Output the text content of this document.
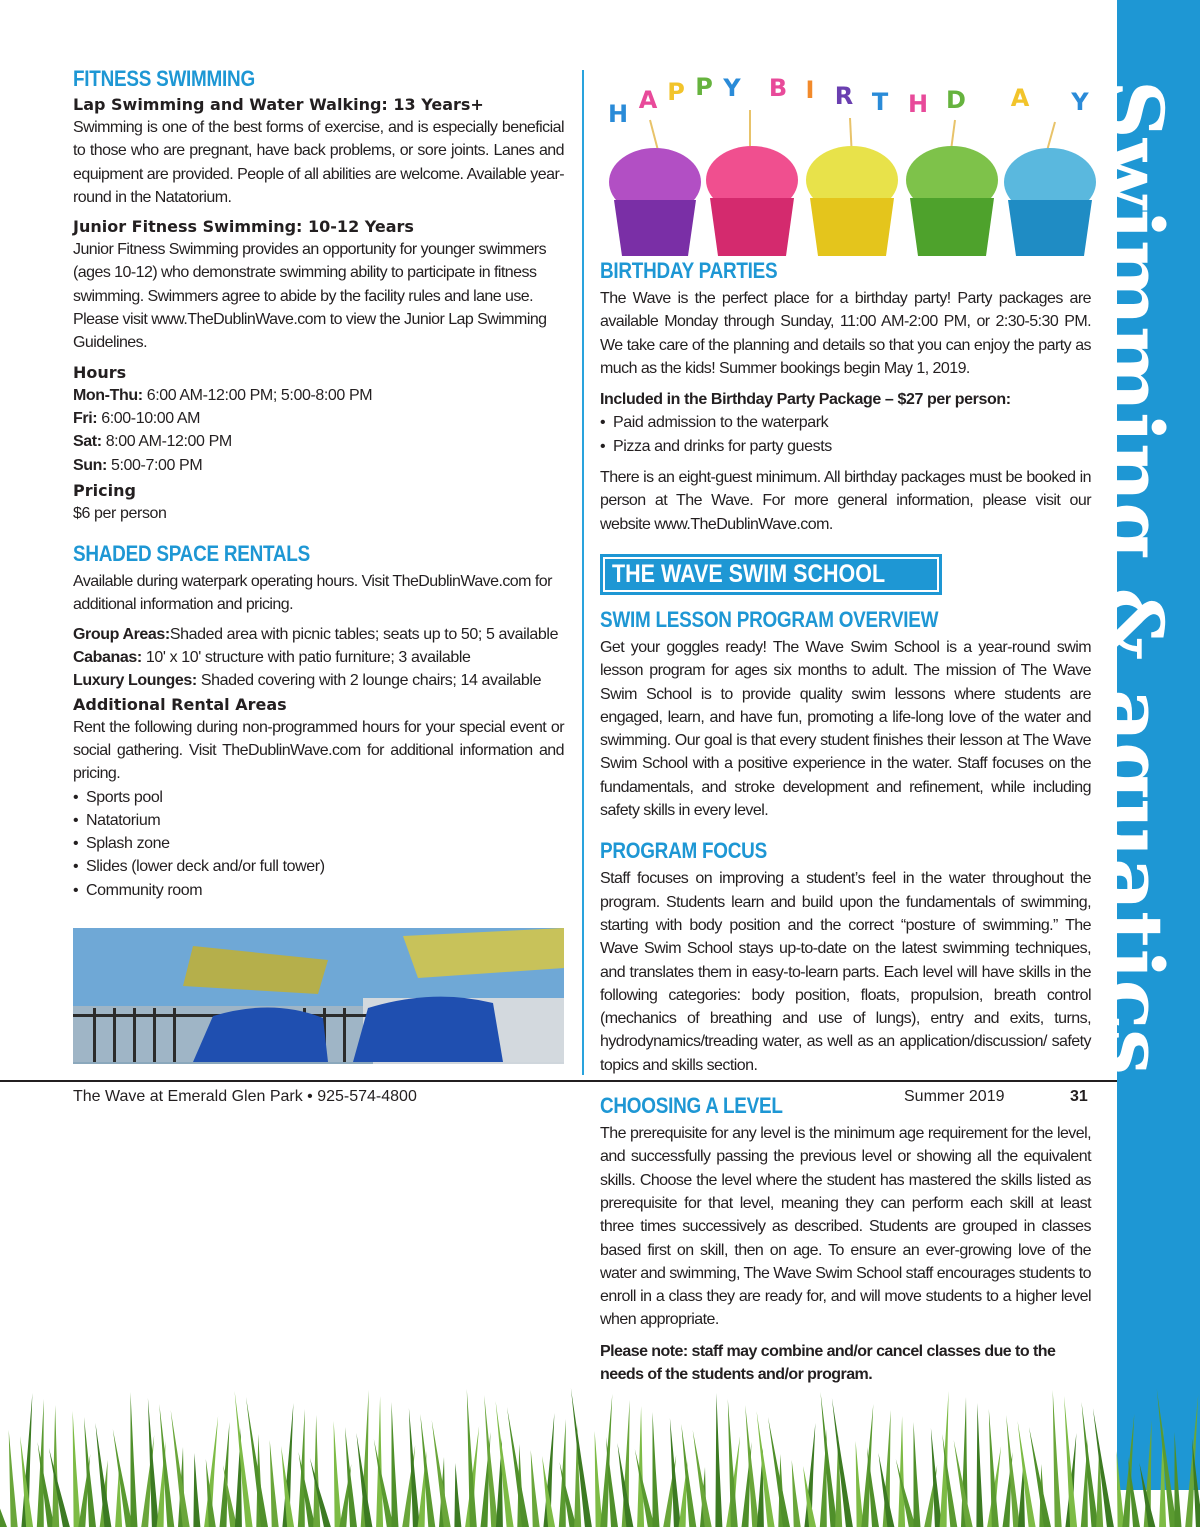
Swimming & aquatics
FITNESS SWIMMING
Lap Swimming and Water Walking: 13 Years+

Swimming is one of the best forms of exercise, and is especially beneficial to those who are pregnant, have back problems, or sore joints. Lanes and equipment are provided. People of all abilities are welcome. Available year-round in the Natatorium.

Junior Fitness Swimming: 10-12 Years

Junior Fitness Swimming provides an opportunity for younger swimmers (ages 10-12) who demonstrate swimming ability to participate in fitness swimming. Swimmers agree to abide by the facility rules and lane use. Please visit www.TheDublinWave.com to view the Junior Lap Swimming Guidelines.

Hours
Mon-Thu: 6:00 AM-12:00 PM; 5:00-8:00 PM
Fri: 6:00-10:00 AM
Sat: 8:00 AM-12:00 PM
Sun: 5:00-7:00 PM
Pricing
$6 per person
SHADED SPACE RENTALS

Available during waterpark operating hours. Visit TheDublinWave.com for additional information and pricing.

Group Areas:Shaded area with picnic tables; seats up to 50; 5 available
Cabanas: 10' x 10' structure with patio furniture; 3 available
Luxury Lounges: Shaded covering with 2 lounge chairs; 14 available
Additional Rental Areas

Rent the following during non-programmed hours for your special event or social gathering. Visit TheDublinWave.com for additional information and pricing.

• Sports pool
• Natatorium
• Splash zone
• Slides (lower deck and/or full tower)
• Community room
H A P P Y B I R T H D A Y
BIRTHDAY PARTIES

The Wave is the perfect place for a birthday party! Party packages are available Monday through Sunday, 11:00 AM-2:00 PM, or 2:30-5:30 PM. We take care of the planning and details so that you can enjoy the party as much as the kids! Summer bookings begin May 1, 2019.

Included in the Birthday Party Package – $27 per person:
• Paid admission to the waterpark
• Pizza and drinks for party guests

There is an eight-guest minimum. All birthday packages must be booked in person at The Wave. For more general information, please visit our website www.TheDublinWave.com.

THE WAVE SWIM SCHOOL
SWIM LESSON PROGRAM OVERVIEW

Get your goggles ready! The Wave Swim School is a year-round swim lesson program for ages six months to adult. The mission of The Wave Swim School is to provide quality swim lessons where students are engaged, learn, and have fun, promoting a life-long love of the water and swimming. Our goal is that every student finishes their lesson at The Wave Swim School with a positive experience in the water. Staff focuses on the fundamentals, and stroke development and refinement, while including safety skills in every level.

PROGRAM FOCUS

Staff focuses on improving a student’s feel in the water throughout the program. Students learn and build upon the fundamentals of swimming, starting with body position and the correct “posture of swimming.” The Wave Swim School stays up-to-date on the latest swimming techniques, and translates them in easy-to-learn parts. Each level will have skills in the following categories: body position, floats, propulsion, breath control (mechanics of breathing and use of lungs), entry and exits, turns, hydrodynamics/treading water, as well as an application/discussion/ safety topics and skills section.

CHOOSING A LEVEL

The prerequisite for any level is the minimum age requirement for the level, and successfully passing the previous level or showing all the equivalent skills. Choose the level where the student has mastered the skills listed as prerequisite for that level, meaning they can perform each skill at least three times successively as described. Students are grouped in classes based first on skill, then on age. To ensure an ever-growing love of the water and swimming, The Wave Swim School staff encourages students to enroll in a class they are ready for, and will move students to a higher level when appropriate.

Please note: staff may combine and/or cancel classes due to the needs of the students and/or program.

The Wave at Emerald Glen Park • 925-574-4800	Summer 2019	31
